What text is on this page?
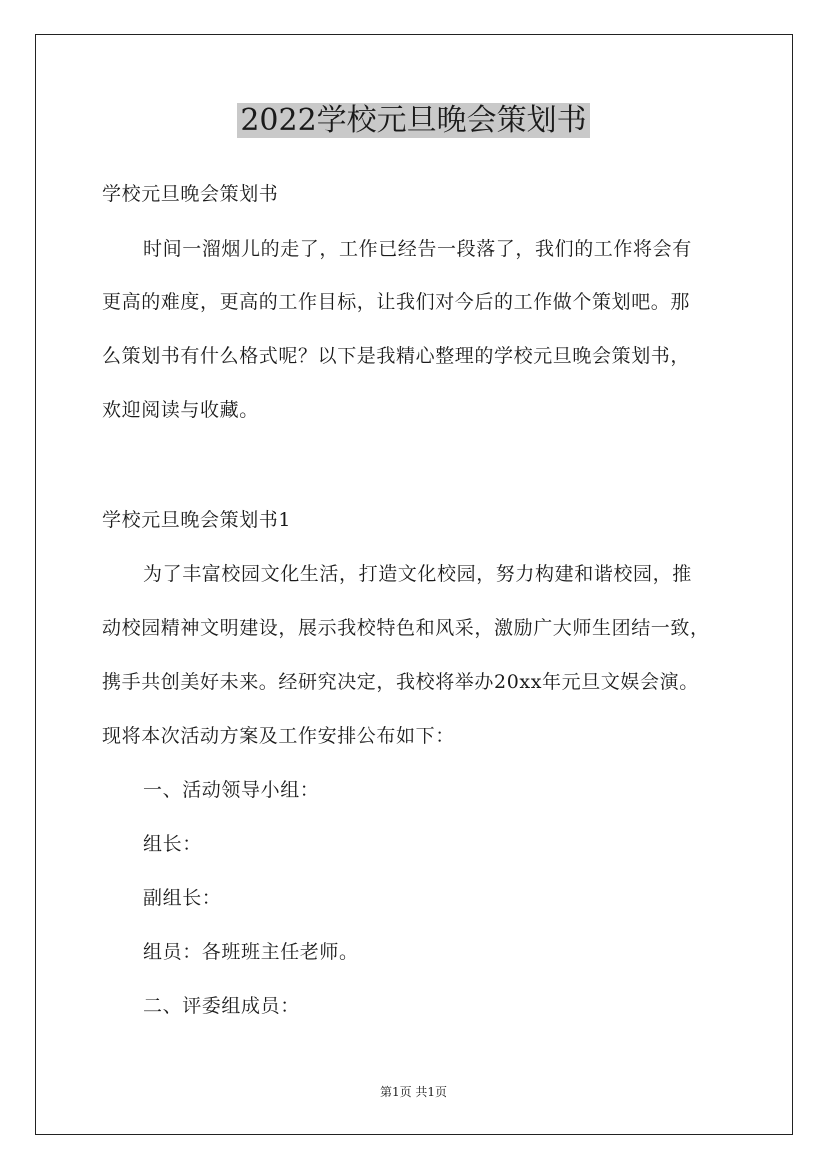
2022学校元旦晚会策划书
学校元旦晚会策划书
时间一溜烟儿的走了，工作已经告一段落了，我们的工作将会有
更高的难度，更高的工作目标，让我们对今后的工作做个策划吧。那
么策划书有什么格式呢？以下是我精心整理的学校元旦晚会策划书，
欢迎阅读与收藏。
学校元旦晚会策划书1
为了丰富校园文化生活，打造文化校园，努力构建和谐校园，推
动校园精神文明建设，展示我校特色和风采，激励广大师生团结一致，
携手共创美好未来。经研究决定，我校将举办20xx年元旦文娱会演。
现将本次活动方案及工作安排公布如下：
一、活动领导小组：
组长：
副组长：
组员：各班班主任老师。
二、评委组成员：
第1页 共1页
